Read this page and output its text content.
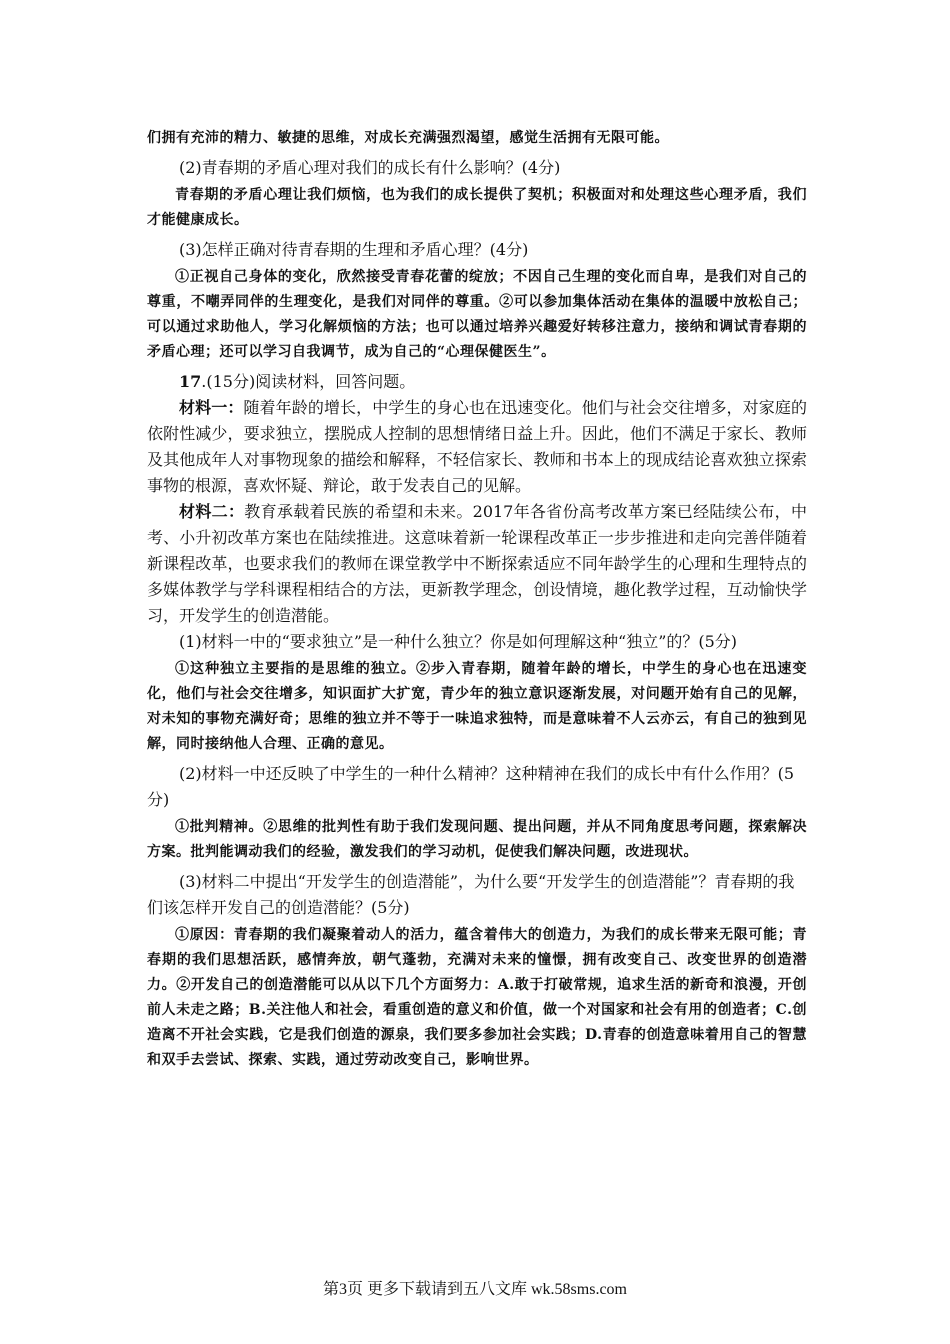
们拥有充沛的精力、敏捷的思维，对成长充满强烈渴望，感觉生活拥有无限可能。

(2)青春期的矛盾心理对我们的成长有什么影响？(4分)

青春期的矛盾心理让我们烦恼，也为我们的成长提供了契机；积极面对和处理这些心理矛盾，我们才能健康成长。

(3)怎样正确对待青春期的生理和矛盾心理？(4分)

①正视自己身体的变化，欣然接受青春花蕾的绽放；不因自己生理的变化而自卑，是我们对自己的尊重，不嘲弄同伴的生理变化，是我们对同伴的尊重。②可以参加集体活动在集体的温暖中放松自己；可以通过求助他人，学习化解烦恼的方法；也可以通过培养兴趣爱好转移注意力，接纳和调试青春期的矛盾心理；还可以学习自我调节，成为自己的“心理保健医生”。

17.(15分)阅读材料，回答问题。

材料一：随着年龄的增长，中学生的身心也在迅速变化。他们与社会交往增多，对家庭的依附性减少，要求独立，摆脱成人控制的思想情绪日益上升。因此，他们不满足于家长、教师及其他成年人对事物现象的描绘和解释，不轻信家长、教师和书本上的现成结论喜欢独立探索事物的根源，喜欢怀疑、辩论，敢于发表自己的见解。

材料二：教育承载着民族的希望和未来。2017年各省份高考改革方案已经陆续公布，中考、小升初改革方案也在陆续推进。这意味着新一轮课程改革正一步步推进和走向完善伴随着新课程改革，也要求我们的教师在课堂教学中不断探索适应不同年龄学生的心理和生理特点的多媒体教学与学科课程相结合的方法，更新教学理念，创设情境，趣化教学过程，互动愉快学习，开发学生的创造潜能。

(1)材料一中的“要求独立”是一种什么独立？你是如何理解这种“独立”的？(5分)

①这种独立主要指的是思维的独立。②步入青春期，随着年龄的增长，中学生的身心也在迅速变化，他们与社会交往增多，知识面扩大扩宽，青少年的独立意识逐渐发展，对问题开始有自己的见解，对未知的事物充满好奇；思维的独立并不等于一味追求独特，而是意味着不人云亦云，有自己的独到见解，同时接纳他人合理、正确的意见。

(2)材料一中还反映了中学生的一种什么精神？这种精神在我们的成长中有什么作用？(5分)

①批判精神。②思维的批判性有助于我们发现问题、提出问题，并从不同角度思考问题，探索解决方案。批判能调动我们的经验，激发我们的学习动机，促使我们解决问题，改进现状。

(3)材料二中提出“开发学生的创造潜能”，为什么要“开发学生的创造潜能”？青春期的我们该怎样开发自己的创造潜能？(5分)

①原因：青春期的我们凝聚着动人的活力，蕴含着伟大的创造力，为我们的成长带来无限可能；青春期的我们思想活跃，感情奔放，朝气蓬勃，充满对未来的憧憬，拥有改变自己、改变世界的创造潜力。②开发自己的创造潜能可以从以下几个方面努力：A.敢于打破常规，追求生活的新奇和浪漫，开创前人未走之路；B.关注他人和社会，看重创造的意义和价值，做一个对国家和社会有用的创造者；C.创造离不开社会实践，它是我们创造的源泉，我们要多参加社会实践；D.青春的创造意味着用自己的智慧和双手去尝试、探索、实践，通过劳动改变自己，影响世界。

第3页 更多下载请到五八文库 wk.58sms.com
